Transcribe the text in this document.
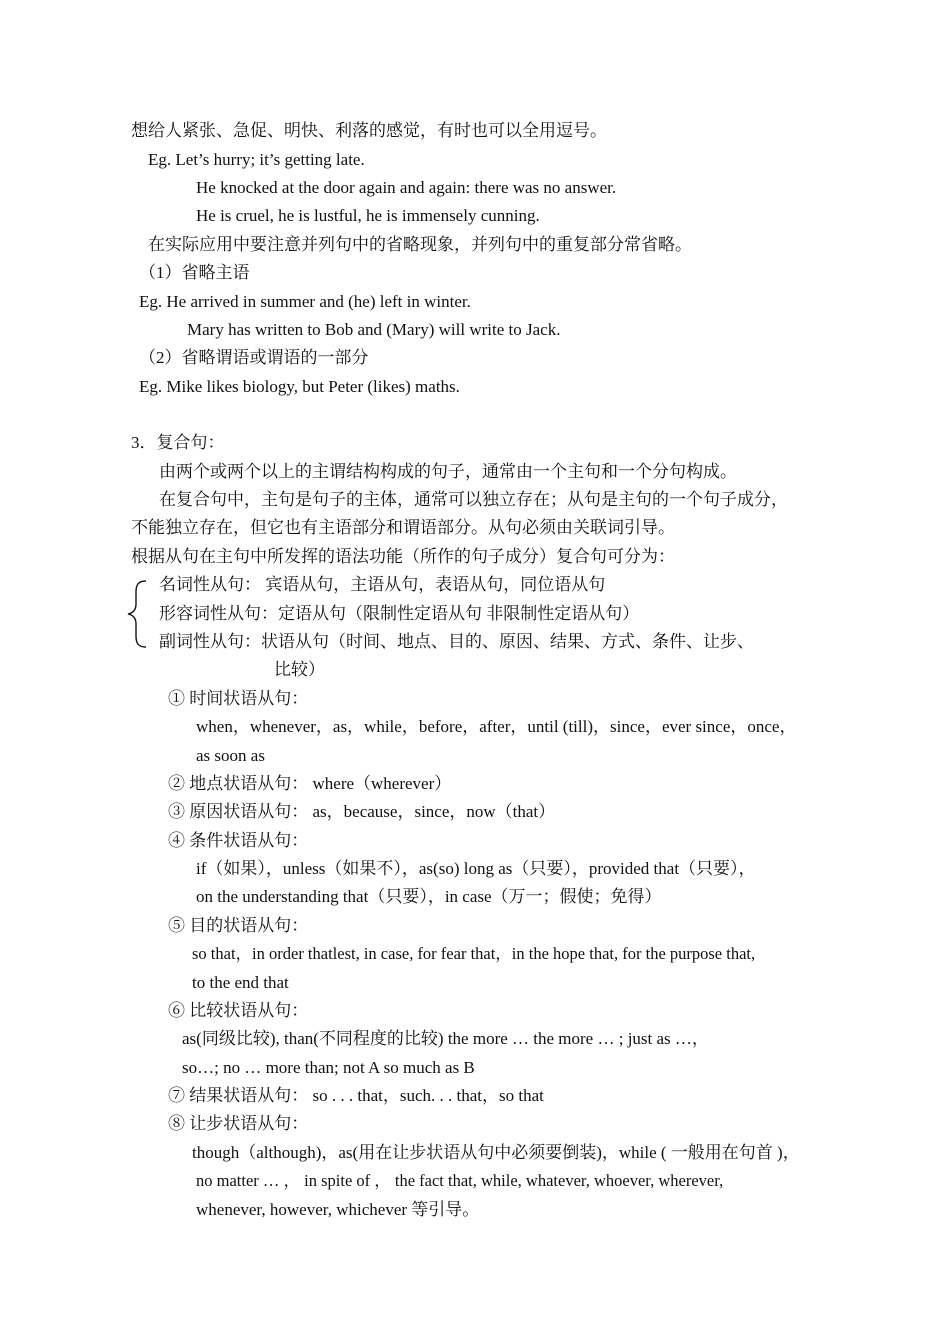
想给人紧张、急促、明快、利落的感觉，有时也可以全用逗号。
Eg. Let’s hurry; it’s getting late.
He knocked at the door again and again: there was no answer.
He is cruel, he is lustful, he is immensely cunning.
在实际应用中要注意并列句中的省略现象，并列句中的重复部分常省略。
（1）省略主语
Eg. He arrived in summer and (he) left in winter.
Mary has written to Bob and (Mary) will write to Jack.
（2）省略谓语或谓语的一部分
Eg. Mike likes biology, but Peter (likes) maths.
3．复合句：
由两个或两个以上的主谓结构构成的句子，通常由一个主句和一个分句构成。
在复合句中，主句是句子的主体，通常可以独立存在；从句是主句的一个句子成分，
不能独立存在，但它也有主语部分和谓语部分。从句必须由关联词引导。
根据从句在主句中所发挥的语法功能（所作的句子成分）复合句可分为：
名词性从句： 宾语从句，主语从句，表语从句，同位语从句
形容词性从句：定语从句（限制性定语从句 非限制性定语从句）
副词性从句：状语从句（时间、地点、目的、原因、结果、方式、条件、让步、
比较）
① 时间状语从句：
when，whenever，as，while，before，after，until (till)，since，ever since，once，
as soon as
② 地点状语从句： where（wherever）
③ 原因状语从句： as，because，since，now（that）
④ 条件状语从句：
if（如果），unless（如果不），as(so) long as（只要），provided that（只要），
on the understanding that（只要），in case（万一；假使；免得）
⑤ 目的状语从句：
so that，in order thatlest, in case, for fear that，in the hope that, for the purpose that,
to the end that
⑥ 比较状语从句：
as(同级比较), than(不同程度的比较) the more … the more … ; just as …，
so…; no … more than; not A so much as B
⑦ 结果状语从句： so . . . that，such. . . that，so that
⑧ 让步状语从句：
though（although)，as(用在让步状语从句中必须要倒装)，while ( 一般用在句首 )，
no matter … ， in spite of ， the fact that, while, whatever, whoever, wherever,
whenever, however, whichever 等引导。
